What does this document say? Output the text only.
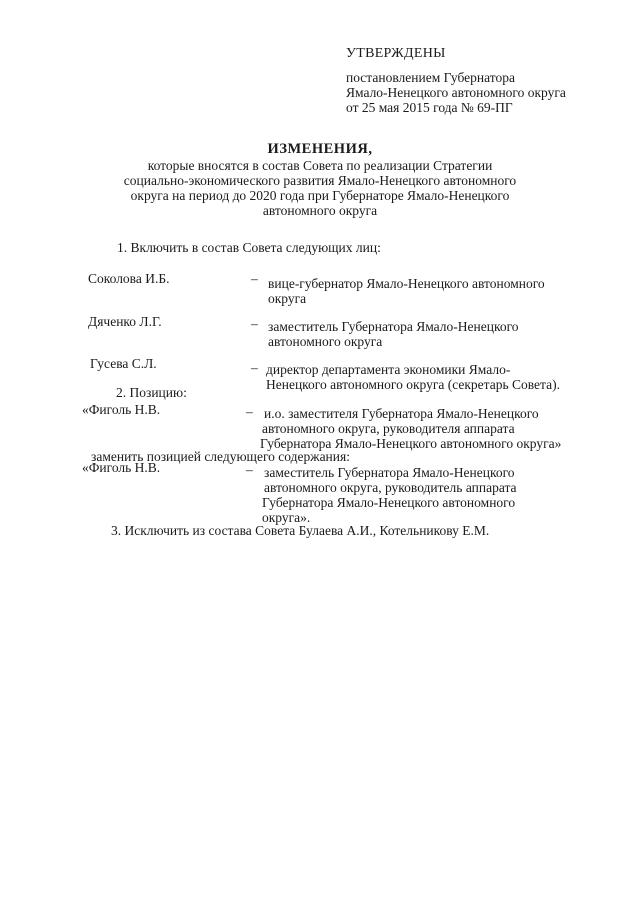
УТВЕРЖДЕНЫ
постановлением Губернатора
Ямало-Ненецкого автономного округа
от 25 мая 2015 года № 69-ПГ
ИЗМЕНЕНИЯ,
которые вносятся в состав Совета по реализации Стратегии
социально-экономического развития Ямало-Ненецкого автономного
округа на период до 2020 года при Губернаторе Ямало-Ненецкого
автономного округа
1. Включить в состав Совета следующих лиц:
Соколова И.Б.	– вице-губернатор Ямало-Ненецкого автономного
округа
Дяченко Л.Г.	– заместитель Губернатора Ямало-Ненецкого
автономного округа
Гусева С.Л.	– директор департамента экономики Ямало-
Ненецкого автономного округа (секретарь Совета).
2. Позицию:
«Фиголь Н.В.	– и.о. заместителя Губернатора Ямало-Ненецкого
автономного округа, руководителя аппарата
Губернатора Ямало-Ненецкого автономного округа»
заменить позицией следующего содержания:
«Фиголь Н.В.	– заместитель Губернатора Ямало-Ненецкого
автономного округа, руководитель аппарата
Губернатора Ямало-Ненецкого автономного
округа».
3. Исключить из состава Совета Булаева А.И., Котельникову Е.М.
